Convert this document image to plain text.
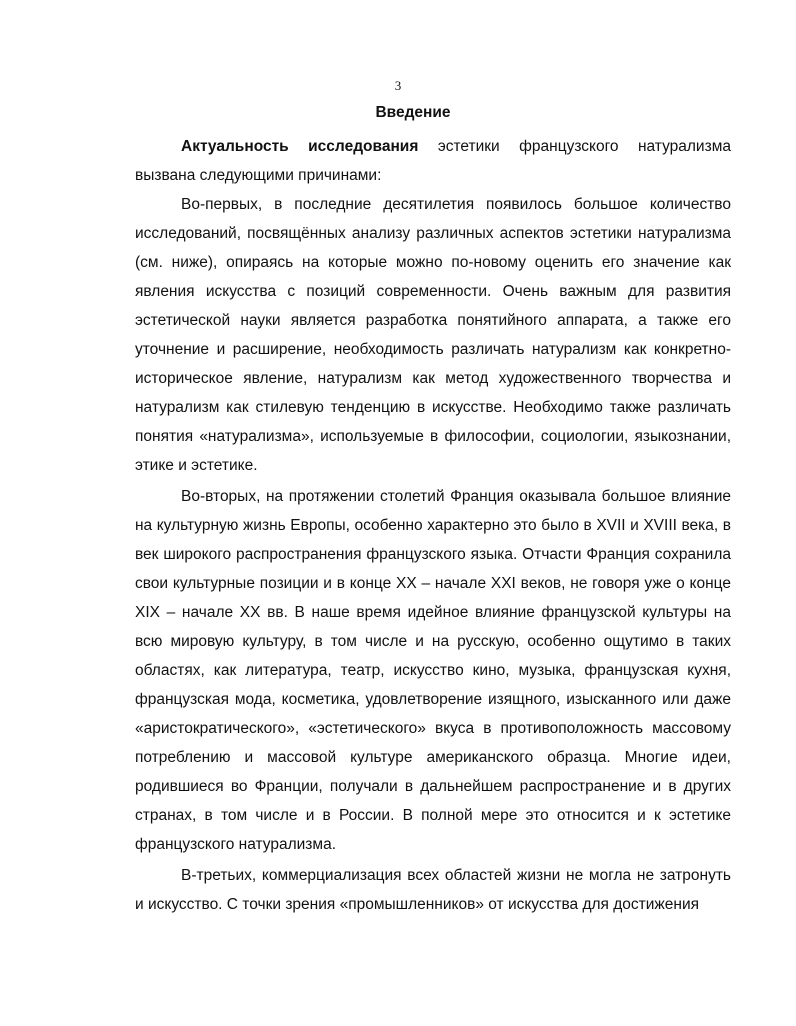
3
Введение
Актуальность исследования эстетики французского натурализма

вызвана следующими причинами:

Во-первых, в последние десятилетия появилось большое количество исследований, посвящённых анализу различных аспектов эстетики натурализма (см. ниже), опираясь на которые можно по-новому оценить его значение как явления искусства с позиций современности. Очень важным для развития эстетической науки является разработка понятийного аппарата, а также его уточнение и расширение, необходимость различать натурализм как конкретно-историческое явление, натурализм как метод художественного творчества и натурализм как стилевую тенденцию в искусстве. Необходимо также различать понятия «натурализма», используемые в философии, социологии, языкознании, этике и эстетике.

Во-вторых, на протяжении столетий Франция оказывала большое влияние на культурную жизнь Европы, особенно характерно это было в XVII и XVIII века, в век широкого распространения французского языка. Отчасти Франция сохранила свои культурные позиции и в конце XX – начале XXI веков, не говоря уже о конце XIX – начале XX вв. В наше время идейное влияние французской культуры на всю мировую культуру, в том числе и на русскую, особенно ощутимо в таких областях, как литература, театр, искусство кино, музыка, французская кухня, французская мода, косметика, удовлетворение изящного, изысканного или даже «аристократического», «эстетического» вкуса в противоположность массовому потреблению и массовой культуре американского образца. Многие идеи, родившиеся во Франции, получали в дальнейшем распространение и в других странах, в том числе и в России. В полной мере это относится и к эстетике французского натурализма.

В-третьих, коммерциализация всех областей жизни не могла не затронуть и искусство. С точки зрения «промышленников» от искусства для достижения
